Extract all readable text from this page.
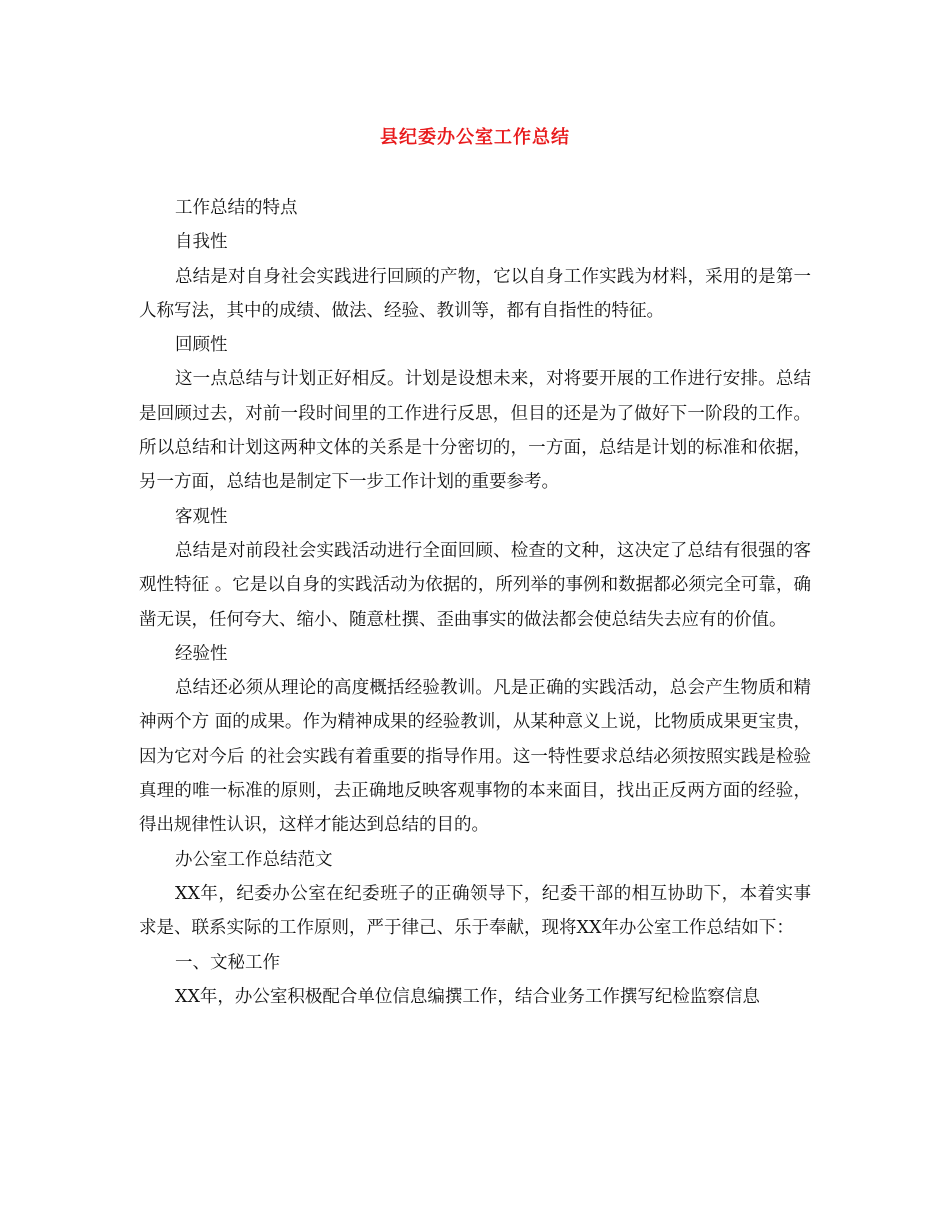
县纪委办公室工作总结

工作总结的特点

自我性

总结是对自身社会实践进行回顾的产物，它以自身工作实践为材料，采用的是第一人称写法，其中的成绩、做法、经验、教训等，都有自指性的特征。

回顾性

这一点总结与计划正好相反。计划是设想未来，对将要开展的工作进行安排。总结是回顾过去，对前一段时间里的工作进行反思，但目的还是为了做好下一阶段的工作。所以总结和计划这两种文体的关系是十分密切的，一方面，总结是计划的标准和依据，另一方面，总结也是制定下一步工作计划的重要参考。

客观性

总结是对前段社会实践活动进行全面回顾、检查的文种，这决定了总结有很强的客观性特征 。它是以自身的实践活动为依据的，所列举的事例和数据都必须完全可靠，确凿无误，任何夸大、缩小、随意杜撰、歪曲事实的做法都会使总结失去应有的价值。

经验性

总结还必须从理论的高度概括经验教训。凡是正确的实践活动，总会产生物质和精神两个方 面的成果。作为精神成果的经验教训，从某种意义上说，比物质成果更宝贵，因为它对今后 的社会实践有着重要的指导作用。这一特性要求总结必须按照实践是检验真理的唯一标准的原则，去正确地反映客观事物的本来面目，找出正反两方面的经验，得出规律性认识，这样才能达到总结的目的。

办公室工作总结范文

XX年，纪委办公室在纪委班子的正确领导下，纪委干部的相互协助下，本着实事求是、联系实际的工作原则，严于律己、乐于奉献，现将XX年办公室工作总结如下：

一、文秘工作

XX年，办公室积极配合单位信息编撰工作，结合业务工作撰写纪检监察信息
